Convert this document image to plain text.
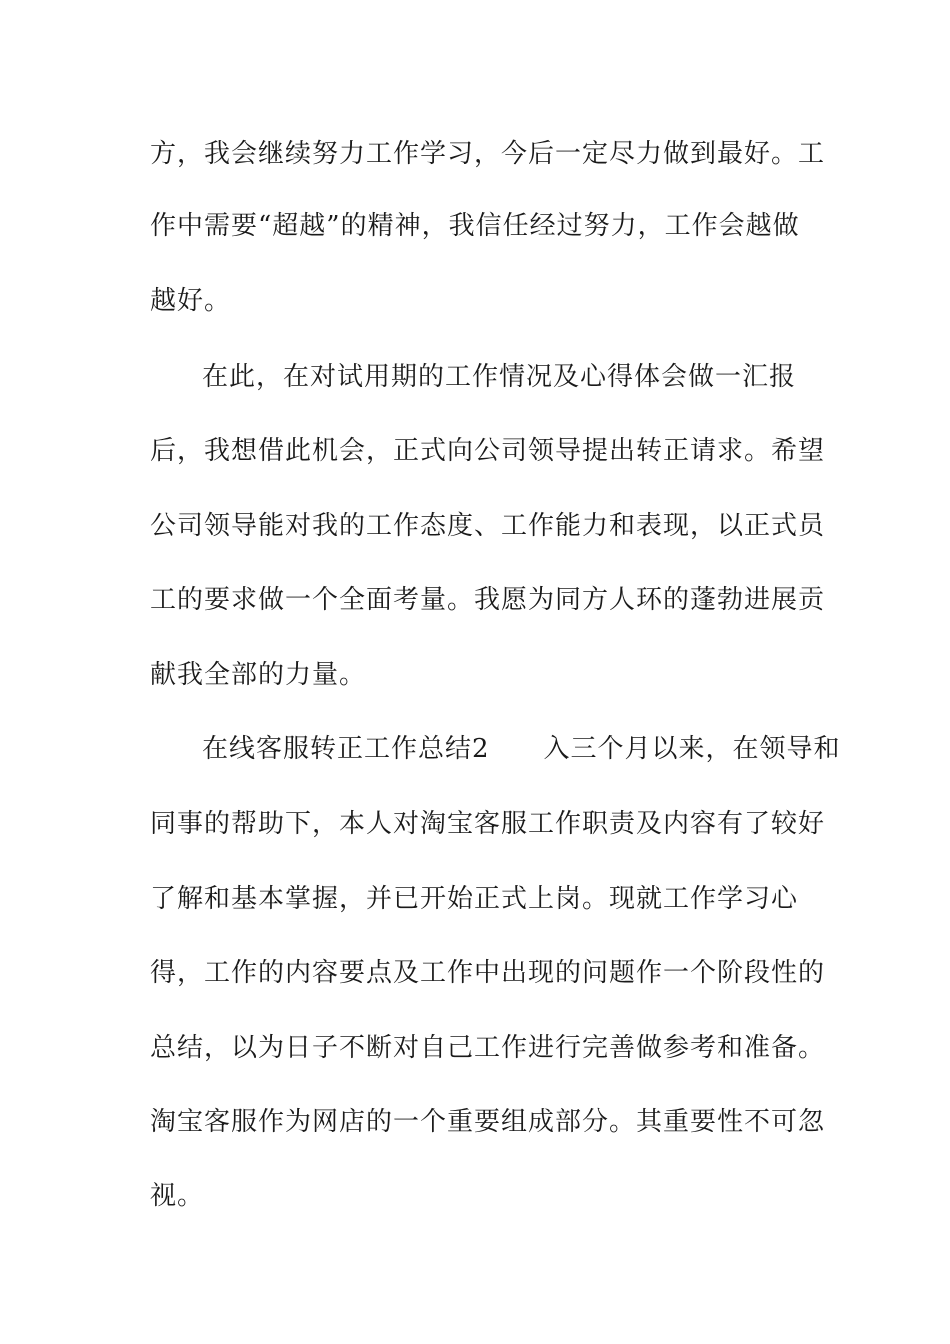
方，我会继续努力工作学习，今后一定尽力做到最好。工
作中需要“超越”的精神，我信任经过努力，工作会越做
越好。
在此，在对试用期的工作情况及心得体会做一汇报
后，我想借此机会，正式向公司领导提出转正请求。希望
公司领导能对我的工作态度、工作能力和表现，以正式员
工的要求做一个全面考量。我愿为同方人环的蓬勃进展贡
献我全部的力量。
在线客服转正工作总结2　　入三个月以来，在领导和
同事的帮助下，本人对淘宝客服工作职责及内容有了较好
了解和基本掌握，并已开始正式上岗。现就工作学习心
得，工作的内容要点及工作中出现的问题作一个阶段性的
总结，以为日子不断对自己工作进行完善做参考和准备。
淘宝客服作为网店的一个重要组成部分。其重要性不可忽
视。
